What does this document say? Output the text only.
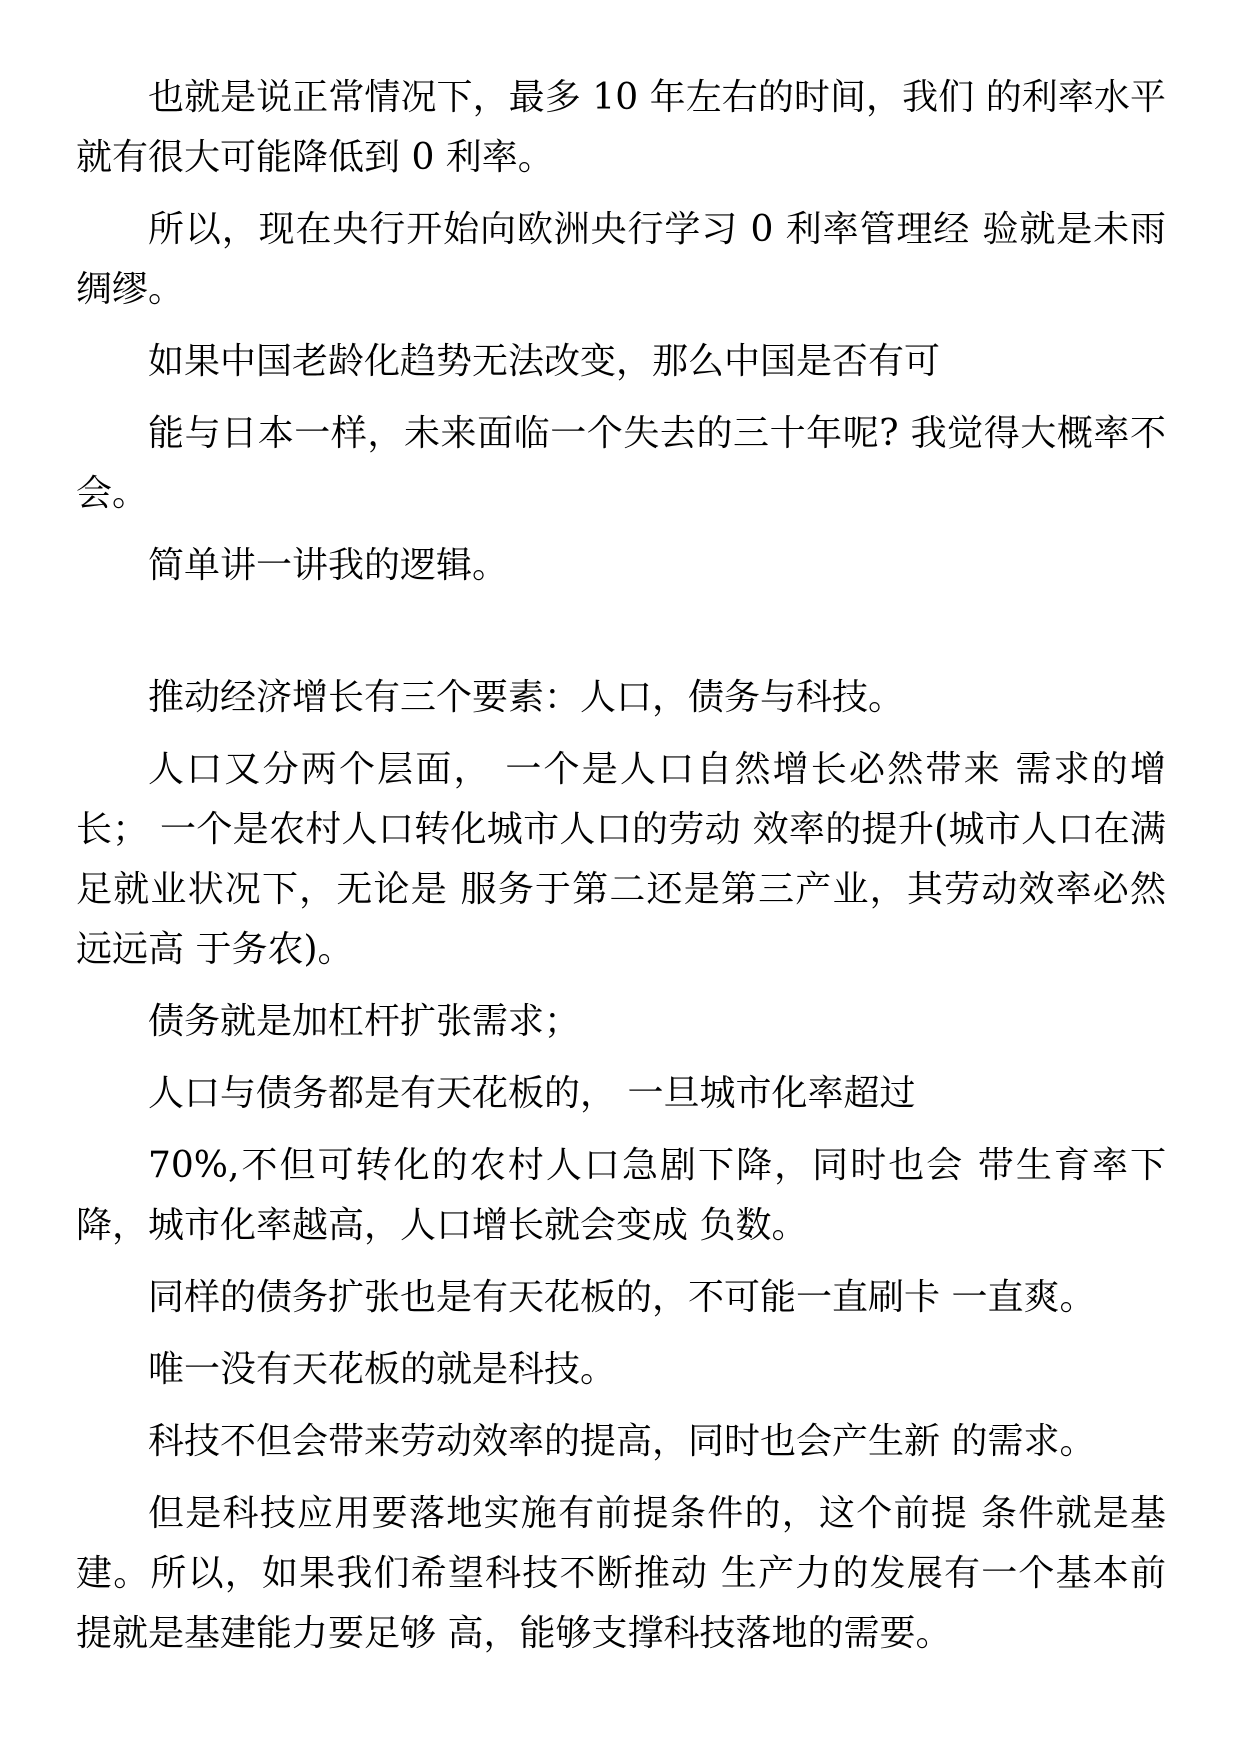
也就是说正常情况下，最多 10 年左右的时间，我们 的利率水平就有很大可能降低到 0 利率。

所以，现在央行开始向欧洲央行学习 0 利率管理经 验就是未雨绸缪。

如果中国老龄化趋势无法改变，那么中国是否有可

能与日本一样，未来面临一个失去的三十年呢? 我觉得大概率不会。

简单讲一讲我的逻辑。

推动经济增长有三个要素：人口，债务与科技。

人口又分两个层面， 一个是人口自然增长必然带来 需求的增长； 一个是农村人口转化城市人口的劳动 效率的提升(城市人口在满足就业状况下，无论是 服务于第二还是第三产业，其劳动效率必然远远高 于务农)。

债务就是加杠杆扩张需求；

人口与债务都是有天花板的， 一旦城市化率超过

70%,不但可转化的农村人口急剧下降，同时也会 带生育率下降，城市化率越高，人口增长就会变成 负数。

同样的债务扩张也是有天花板的，不可能一直刷卡 一直爽。

唯一没有天花板的就是科技。

科技不但会带来劳动效率的提高，同时也会产生新 的需求。

但是科技应用要落地实施有前提条件的，这个前提 条件就是基建。所以，如果我们希望科技不断推动 生产力的发展有一个基本前提就是基建能力要足够 高，能够支撑科技落地的需要。
